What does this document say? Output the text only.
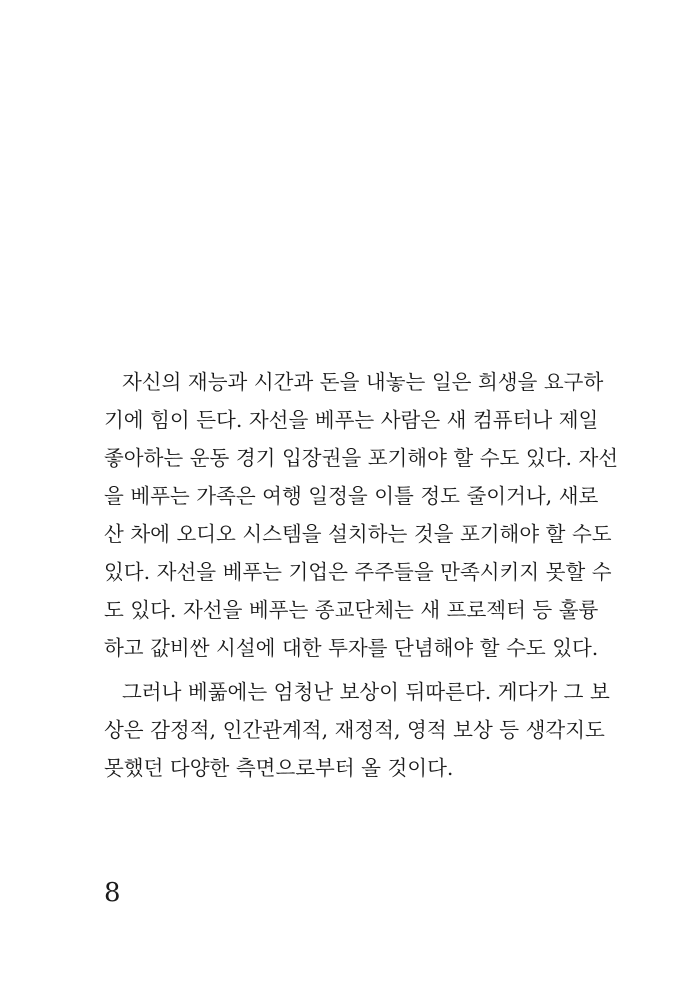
자신의 재능과 시간과 돈을 내놓는 일은 희생을 요구하
기에 힘이 든다. 자선을 베푸는 사람은 새 컴퓨터나 제일
좋아하는 운동 경기 입장권을 포기해야 할 수도 있다. 자선
을 베푸는 가족은 여행 일정을 이틀 정도 줄이거나, 새로
산 차에 오디오 시스템을 설치하는 것을 포기해야 할 수도
있다. 자선을 베푸는 기업은 주주들을 만족시키지 못할 수
도 있다. 자선을 베푸는 종교단체는 새 프로젝터 등 훌륭
하고 값비싼 시설에 대한 투자를 단념해야 할 수도 있다.
그러나 베풂에는 엄청난 보상이 뒤따른다. 게다가 그 보
상은 감정적, 인간관계적, 재정적, 영적 보상 등 생각지도
못했던 다양한 측면으로부터 올 것이다.
8
